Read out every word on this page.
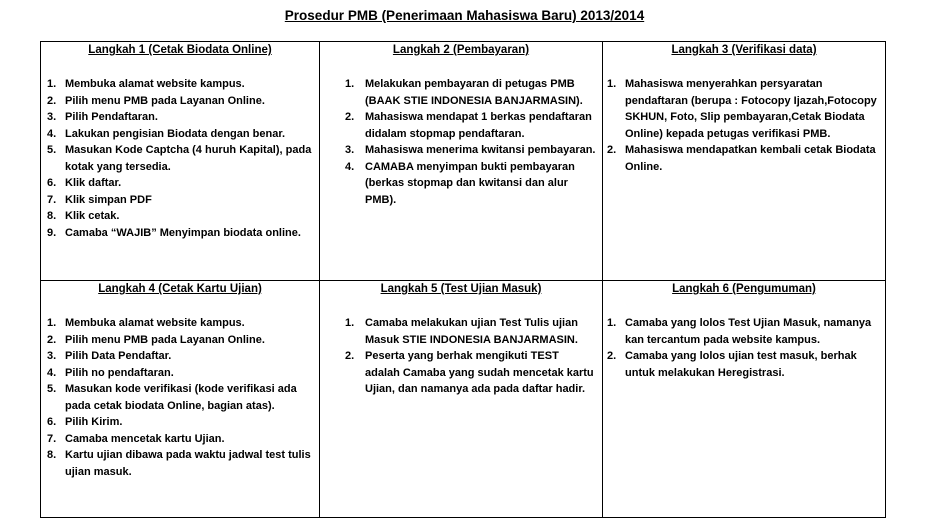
Prosedur PMB (Penerimaan Mahasiswa Baru) 2013/2014
Langkah 1 (Cetak Biodata Online)
1. Membuka alamat website kampus.
2. Pilih menu PMB pada Layanan Online.
3. Pilih Pendaftaran.
4. Lakukan pengisian Biodata dengan benar.
5. Masukan Kode Captcha (4 huruh Kapital), pada kotak yang tersedia.
6. Klik daftar.
7. Klik simpan PDF
8. Klik cetak.
9. Camaba “WAJIB” Menyimpan biodata online.
Langkah 2 (Pembayaran)
1. Melakukan pembayaran di petugas PMB (BAAK STIE INDONESIA BANJARMASIN).
2. Mahasiswa mendapat 1 berkas pendaftaran didalam stopmap pendaftaran.
3. Mahasiswa menerima kwitansi pembayaran.
4. CAMABA menyimpan bukti pembayaran (berkas stopmap dan kwitansi dan alur PMB).
Langkah 3 (Verifikasi data)
1. Mahasiswa menyerahkan persyaratan pendaftaran (berupa : Fotocopy Ijazah,Fotocopy SKHUN, Foto, Slip pembayaran,Cetak Biodata Online) kepada petugas verifikasi PMB.
2. Mahasiswa mendapatkan kembali cetak Biodata Online.
Langkah 4 (Cetak Kartu Ujian)
1. Membuka alamat website kampus.
2. Pilih menu PMB pada Layanan Online.
3. Pilih Data Pendaftar.
4. Pilih no pendaftaran.
5. Masukan kode verifikasi (kode verifikasi ada pada cetak biodata Online, bagian atas).
6. Pilih Kirim.
7. Camaba mencetak kartu Ujian.
8. Kartu ujian dibawa pada waktu jadwal test tulis ujian masuk.
Langkah 5 (Test Ujian Masuk)
1. Camaba melakukan ujian Test Tulis ujian Masuk STIE INDONESIA BANJARMASIN.
2. Peserta yang berhak mengikuti TEST adalah Camaba yang sudah mencetak kartu Ujian, dan namanya ada pada daftar hadir.
Langkah 6 (Pengumuman)
1. Camaba yang lolos Test Ujian Masuk, namanya kan tercantum pada website kampus.
2. Camaba yang lolos ujian test masuk, berhak untuk melakukan Heregistrasi.
